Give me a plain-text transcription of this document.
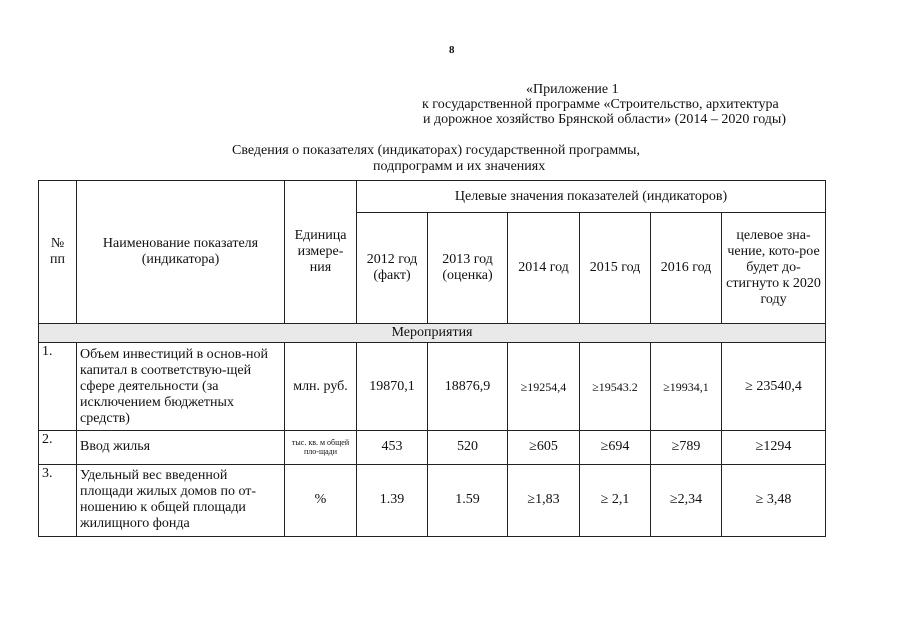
8
«Приложение 1
к государственной программе «Строительство, архитектура
и дорожное хозяйство Брянской области» (2014 – 2020 годы)
Сведения о показателях (индикаторах) государственной программы,
подпрограмм и их значениях
№ пп	Наименование показателя (индикатора)	Единица измере-ния	Целевые значения показателей (индикаторов)					
			2012 год (факт)	2013 год (оценка)	2014 год	2015 год	2016 год	целевое зна-чение, кото-рое будет до-стигнуто к 2020 году
Мероприятия								
1.	Объем инвестиций в основ-ной капитал в соответствую-щей сфере деятельности (за исключением бюджетных средств)	млн. руб.	19870,1	18876,9	≥19254,4	≥19543.2	≥19934,1	≥ 23540,4
2.	Ввод жилья	тыс. кв. м общей пло-щади	453	520	≥605	≥694	≥789	≥1294
3.	Удельный вес введенной площади жилых домов по от-ношению к общей площади жилищного фонда	%	1.39	1.59	≥1,83	≥ 2,1	≥2,34	≥ 3,48
